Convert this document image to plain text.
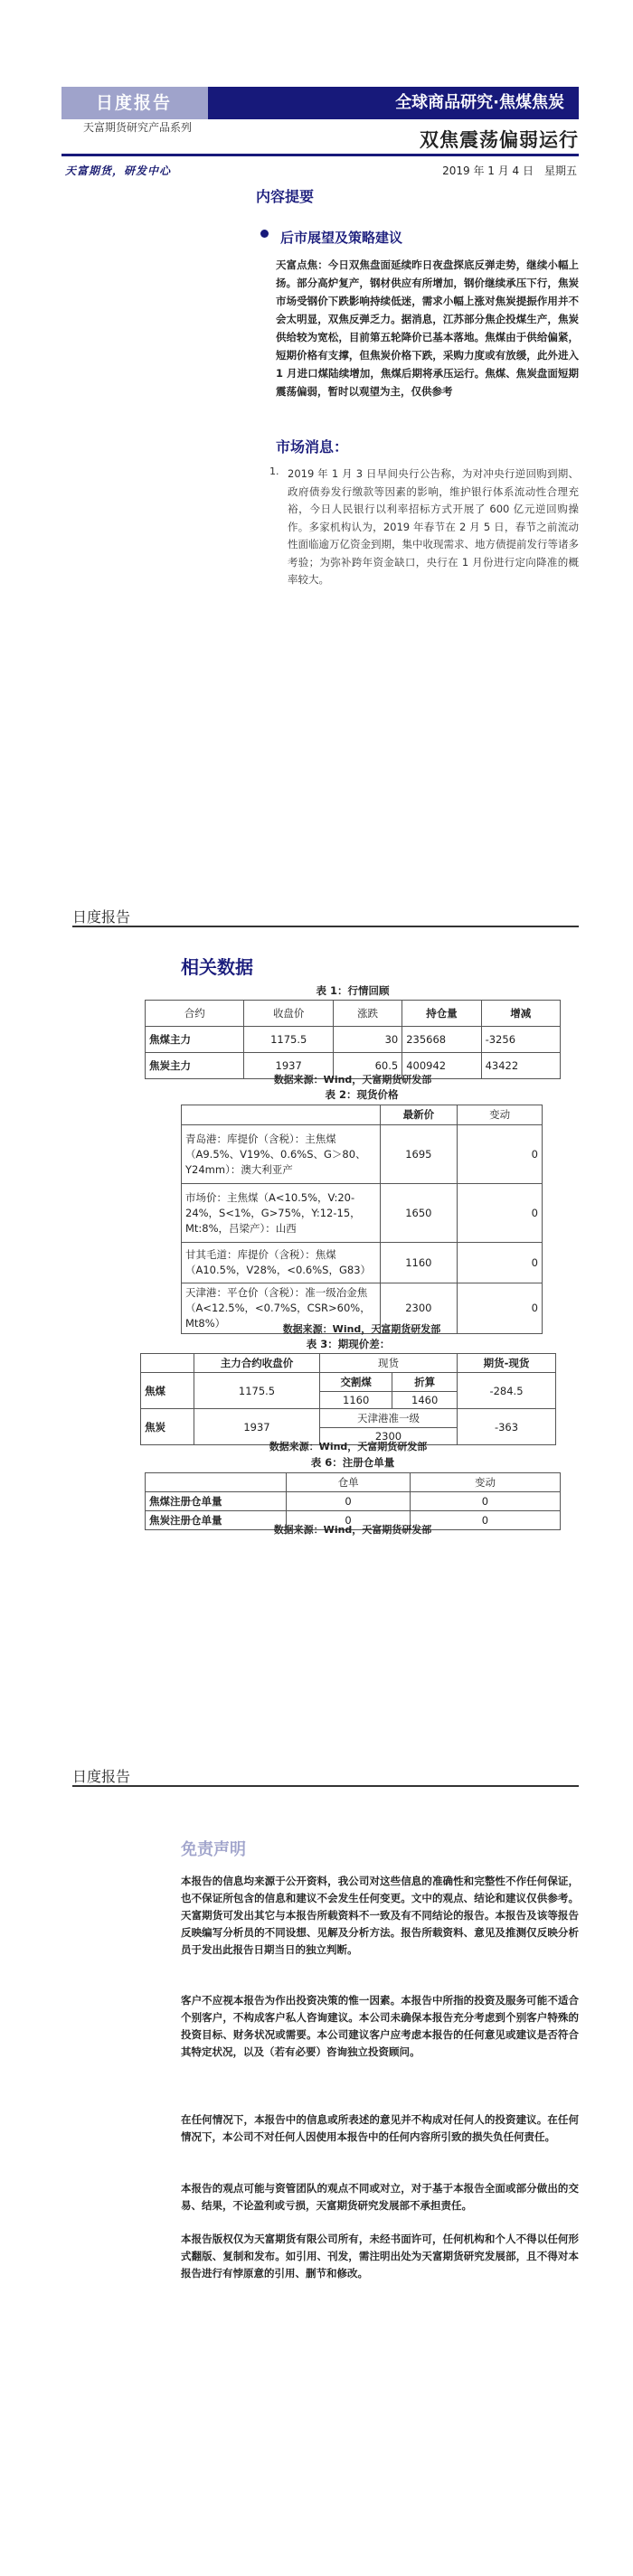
日度报告	全球商品研究·焦煤焦炭
天富期货研究产品系列
双焦震荡偏弱运行
天富期货，研发中心	2019 年 1 月 4 日　星期五
内容提要
后市展望及策略建议
天富点焦：今日双焦盘面延续昨日夜盘探底反弹走势，继续小幅上扬。部分高炉复产，钢材供应有所增加，钢价继续承压下行，焦炭市场受钢价下跌影响持续低迷，需求小幅上涨对焦炭提振作用并不会太明显，双焦反弹乏力。据消息，江苏部分焦企投煤生产，焦炭供给较为宽松，目前第五轮降价已基本落地。焦煤由于供给偏紧，短期价格有支撑，但焦炭价格下跌，采购力度或有放缓，此外进入 1 月进口煤陆续增加，焦煤后期将承压运行。焦煤、焦炭盘面短期震荡偏弱，暂时以观望为主，仅供参考
市场消息：
1. 2019 年 1 月 3 日早间央行公告称，为对冲央行逆回购到期、政府债券发行缴款等因素的影响，维护银行体系流动性合理充裕，今日人民银行以利率招标方式开展了 600 亿元逆回购操作。多家机构认为，2019 年春节在 2 月 5 日，春节之前流动性面临逾万亿资金到期，集中收现需求、地方债提前发行等诸多考验；为弥补跨年资金缺口，央行在 1 月份进行定向降准的概率较大。
日度报告
相关数据
表 1：行情回顾
合约	收盘价	涨跌	持仓量	增减
焦煤主力	1175.5	30	235668	-3256
焦炭主力	1937	60.5	400942	43422
数据来源：Wind，天富期货研发部
表 2：现货价格
	最新价	变动
青岛港：库提价（含税）：主焦煤（A9.5%、V19%、0.6%S、G＞80、Y24mm）：澳大利亚产	1695	0
市场价：主焦煤（A<10.5%，V:20-24%，S<1%，G>75%，Y:12-15，Mt:8%，吕梁产）：山西	1650	0
甘其毛道：库提价（含税）：焦煤（A10.5%，V28%，<0.6%S，G83）	1160	0
天津港：平仓价（含税）：准一级冶金焦（A<12.5%，<0.7%S，CSR>60%，Mt8%）	2300	0
数据来源：Wind，天富期货研发部
表 3：期现价差：
	主力合约收盘价	现货		期货-现货
焦煤	1175.5	交割煤	折算	-284.5
		1160	1460	
焦炭	1937	天津港准一级		-363
		2300		
数据来源：Wind，天富期货研发部
表 6：注册仓单量
	仓单	变动
焦煤注册仓单量	0	0
焦炭注册仓单量	0	0
数据来源：Wind，天富期货研发部
日度报告
免责声明
本报告的信息均来源于公开资料，我公司对这些信息的准确性和完整性不作任何保证，也不保证所包含的信息和建议不会发生任何变更。文中的观点、结论和建议仅供参考。天富期货可发出其它与本报告所载资料不一致及有不同结论的报告。本报告及该等报告反映编写分析员的不同设想、见解及分析方法。报告所载资料、意见及推测仅反映分析员于发出此报告日期当日的独立判断。
客户不应视本报告为作出投资决策的惟一因素。本报告中所指的投资及服务可能不适合个别客户，不构成客户私人咨询建议。本公司未确保本报告充分考虑到个别客户特殊的投资目标、财务状况或需要。本公司建议客户应考虑本报告的任何意见或建议是否符合其特定状况，以及（若有必要）咨询独立投资顾问。
在任何情况下，本报告中的信息或所表述的意见并不构成对任何人的投资建议。在任何情况下，本公司不对任何人因使用本报告中的任何内容所引致的损失负任何责任。
本报告的观点可能与资管团队的观点不同或对立，对于基于本报告全面或部分做出的交易、结果，不论盈利或亏损，天富期货研究发展部不承担责任。
本报告版权仅为天富期货有限公司所有，未经书面许可，任何机构和个人不得以任何形式翻版、复制和发布。如引用、刊发，需注明出处为天富期货研究发展部，且不得对本报告进行有悖原意的引用、删节和修改。
